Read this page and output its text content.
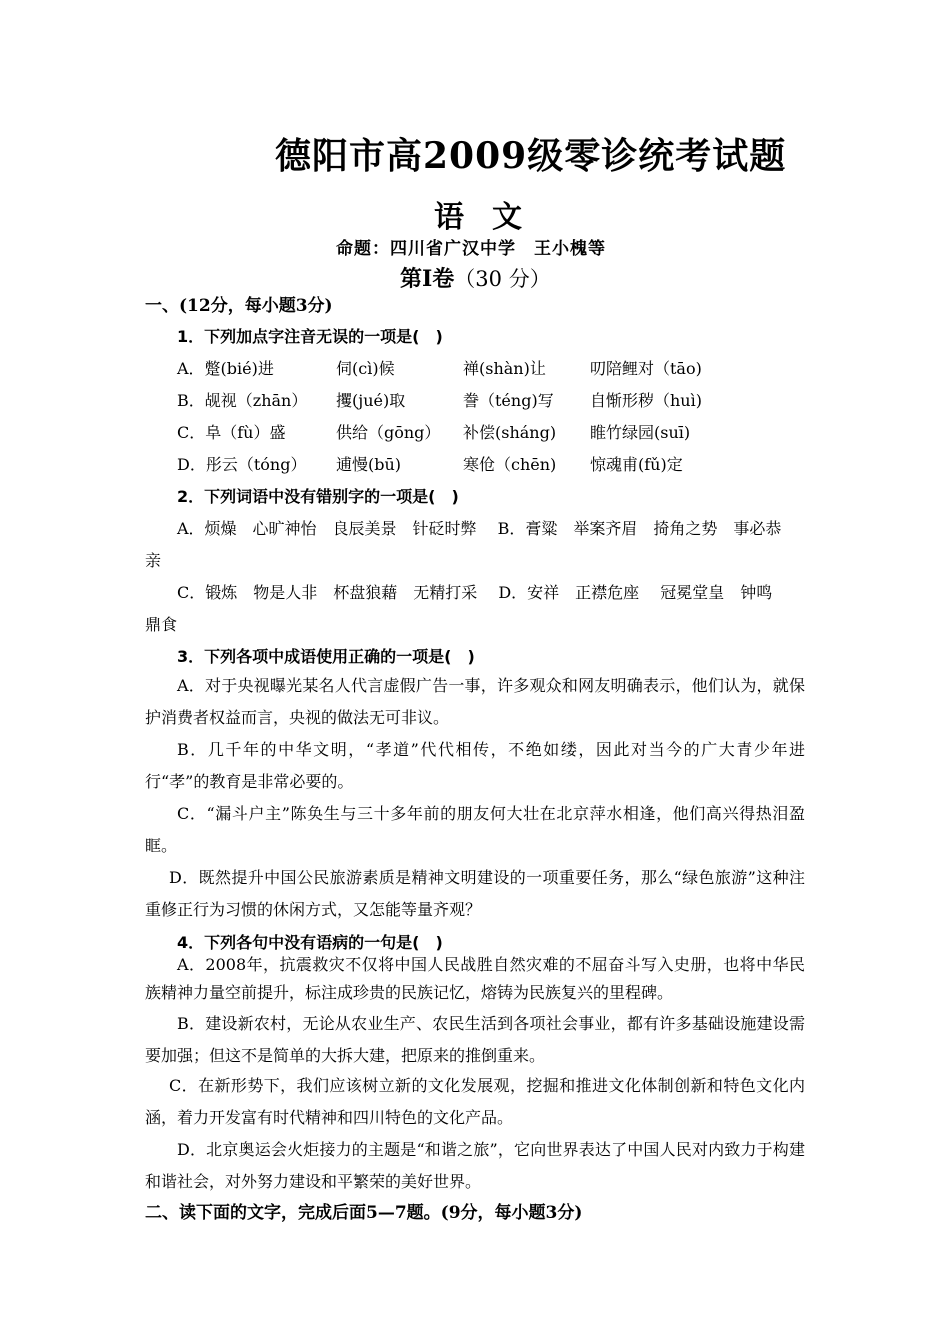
德阳市高2009级零诊统考试题
语文
命题：四川省广汉中学　王小槐等
第Ⅰ卷（30 分）
一、(12分，每小题3分)
1．下列加点字注音无误的一项是(　)
A．蹩(bié)进	伺(cì)候	禅(shàn)让	叨陪鲤对（tāo)
B．觇视（zhān） 攫(jué)取	誊（téng)写 自惭形秽（huì)
C．阜（fù）盛	供给（gōng） 补偿(sháng) 睢竹绿园(suī)
D．彤云（tóng） 逋慢(bū)	寒伧（chēn) 惊魂甫(fǔ)定
2．下列词语中没有错别字的一项是(　)
A．烦燥　心旷神怡　良辰美景　针砭时弊　 B．膏粱　举案齐眉　掎角之势　事必恭
亲
C．锻炼　物是人非　杯盘狼藉　无精打采　 D．安祥　正襟危座　 冠冕堂皇　钟鸣
鼎食
3．下列各项中成语使用正确的一项是(　)
A．对于央视曝光某名人代言虚假广告一事，许多观众和网友明确表示，他们认为，就保护消费者权益而言，央视的做法无可非议。
B．几千年的中华文明，“孝道”代代相传，不绝如缕，因此对当今的广大青少年进行“孝”的教育是非常必要的。
C．“漏斗户主”陈奂生与三十多年前的朋友何大壮在北京萍水相逢，他们高兴得热泪盈眶。
D．既然提升中国公民旅游素质是精神文明建设的一项重要任务，那么“绿色旅游”这种注重修正行为习惯的休闲方式，又怎能等量齐观？
4．下列各句中没有语病的一句是(　)
A．2008年，抗震救灾不仅将中国人民战胜自然灾难的不屈奋斗写入史册，也将中华民族精神力量空前提升，标注成珍贵的民族记忆，熔铸为民族复兴的里程碑。
B．建设新农村，无论从农业生产、农民生活到各项社会事业，都有许多基础设施建设需要加强；但这不是简单的大拆大建，把原来的推倒重来。
C．在新形势下，我们应该树立新的文化发展观，挖掘和推进文化体制创新和特色文化内涵，着力开发富有时代精神和四川特色的文化产品。
D．北京奥运会火炬接力的主题是“和谐之旅”，它向世界表达了中国人民对内致力于构建和谐社会，对外努力建设和平繁荣的美好世界。
二、读下面的文字，完成后面5—7题。(9分，每小题3分)
